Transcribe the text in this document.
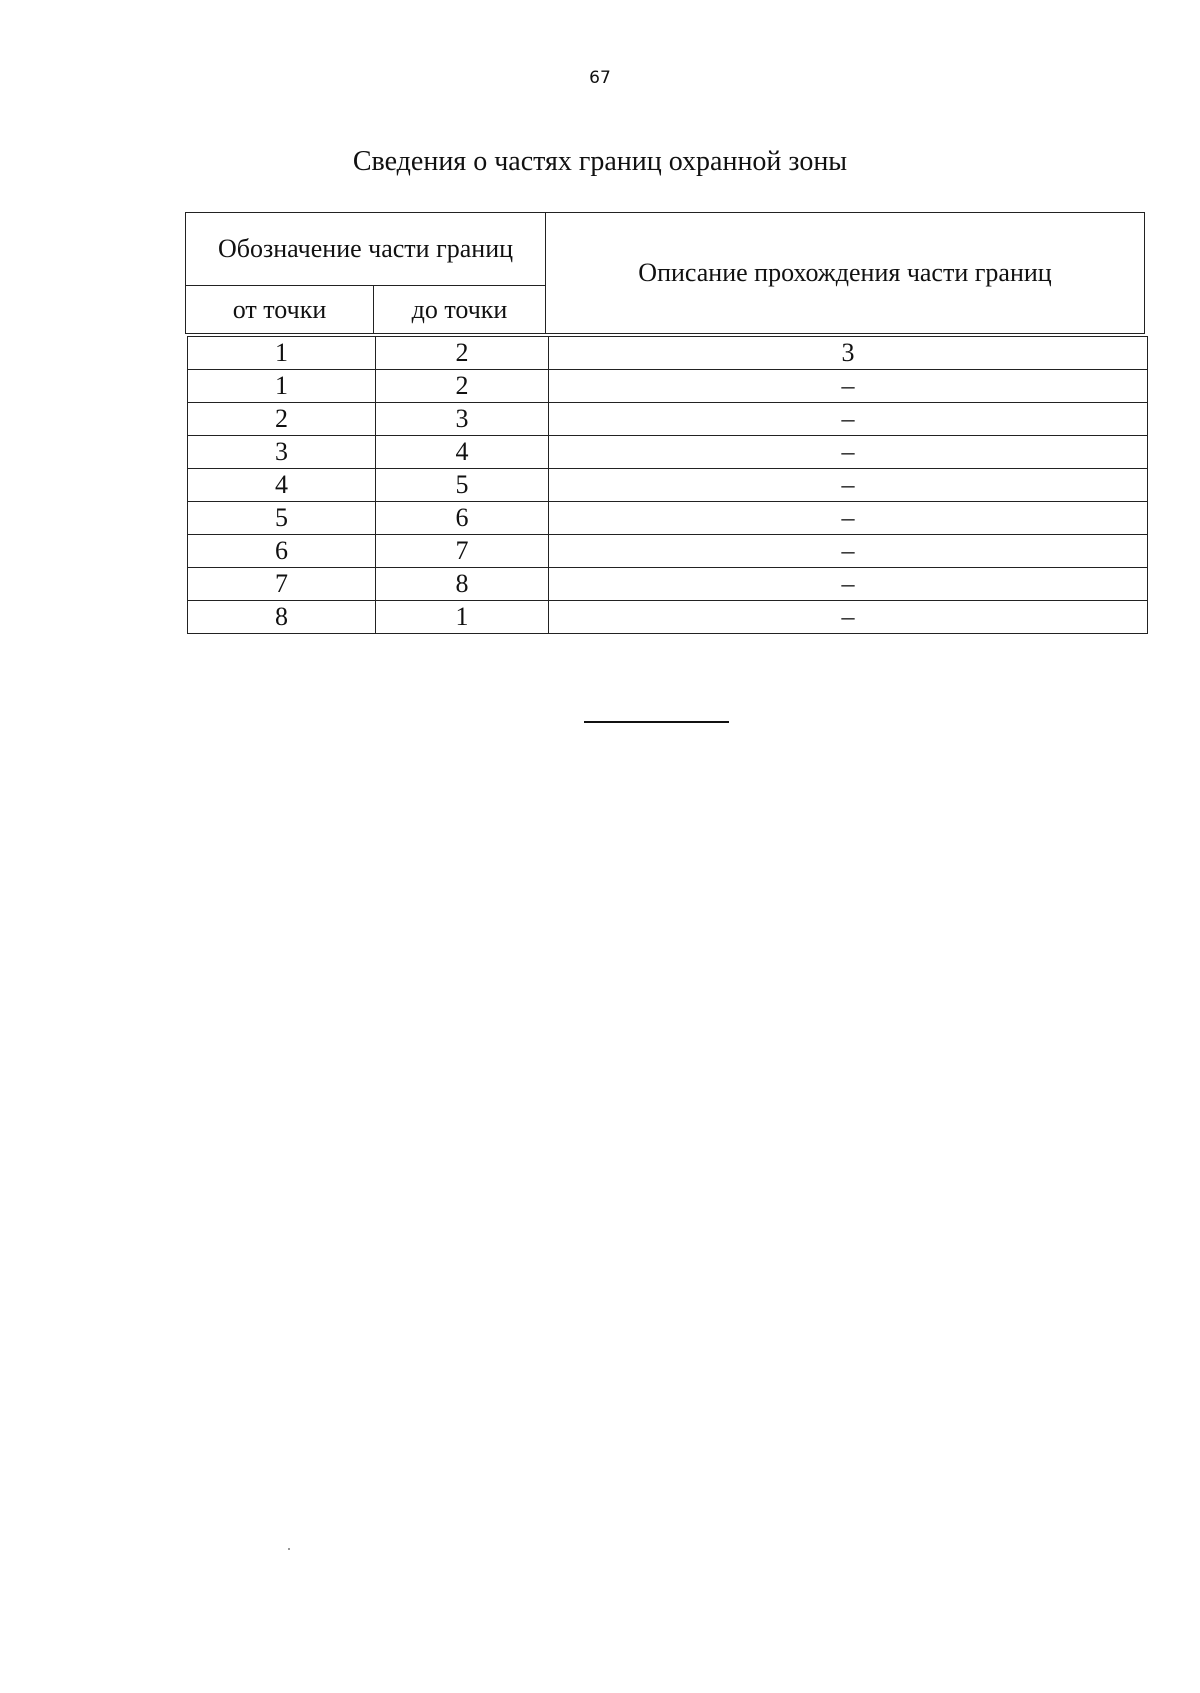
67
Сведения о частях границ охранной зоны
Обозначение части границ		Описание прохождения части границ
от точки	до точки	
1	2	3
1	2	–
2	3	–
3	4	–
4	5	–
5	6	–
6	7	–
7	8	–
8	1	–
